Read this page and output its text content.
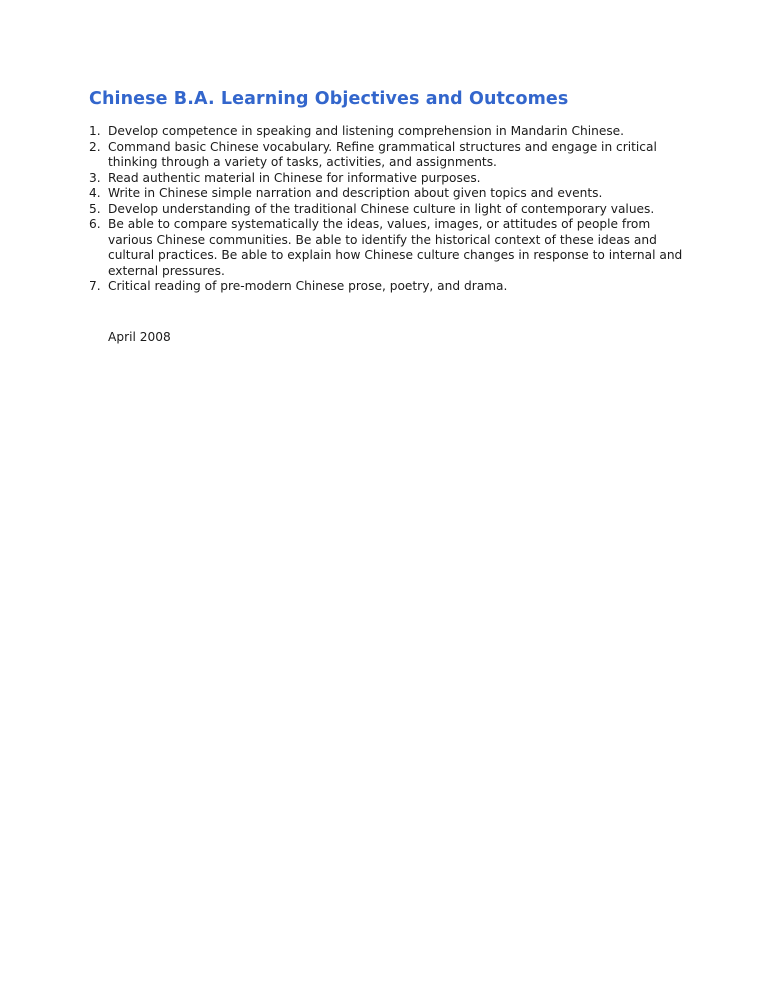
Chinese B.A. Learning Objectives and Outcomes
1. Develop competence in speaking and listening comprehension in Mandarin Chinese.
2. Command basic Chinese vocabulary. Refine grammatical structures and engage in critical thinking through a variety of tasks, activities, and assignments.
3. Read authentic material in Chinese for informative purposes.
4. Write in Chinese simple narration and description about given topics and events.
5. Develop understanding of the traditional Chinese culture in light of contemporary values.
6. Be able to compare systematically the ideas, values, images, or attitudes of people from various Chinese communities. Be able to identify the historical context of these ideas and cultural practices. Be able to explain how Chinese culture changes in response to internal and external pressures.
7. Critical reading of pre-modern Chinese prose, poetry, and drama.

April 2008
